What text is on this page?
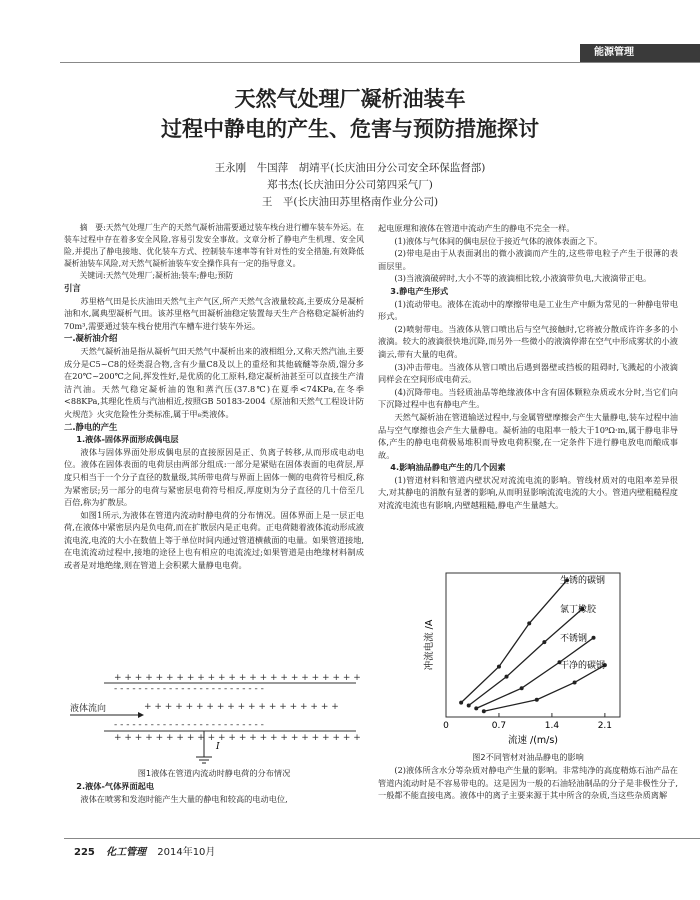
能源管理
天然气处理厂凝析油装车
过程中静电的产生、危害与预防措施探讨
王永刚　牛国萍　胡靖平(长庆油田分公司安全环保监督部)
郑书杰(长庆油田分公司第四采气厂)
王　平(长庆油田苏里格南作业分公司)

摘　要:天然气处理厂生产的天然气凝析油需要通过装车栈台进行槽车装车外运。在装车过程中存在着多安全风险,容易引发安全事故。文章分析了静电产生机理、安全风险,并提出了静电接地、优化装车方式、控制装车速率等有针对性的安全措施,有效降低凝析油装车风险,对天然气凝析油装车安全操作具有一定的指导意义。

关键词:天然气处理厂;凝析油;装车;静电;预防

引言

苏里格气田是长庆油田天然气主产气区,所产天然气含液量较高,主要成分是凝析油和水,属典型凝析气田。该苏里格气田凝析油稳定装置每天生产合格稳定凝析油约70m³,需要通过装车栈台使用汽车槽车进行装车外运。

一.凝析油介绍

天然气凝析油是指从凝析气田天然气中凝析出来的液相组分,又称天然汽油,主要成分是C5~C8的烃类混合物,含有少量C8及以上的重烃和其他硫醚等杂质,馏分多在20℃~200℃之间,挥发性好,是优质的化工原料,稳定凝析油甚至可以直接生产清洁汽油。天然气稳定凝析油的饱和蒸汽压(37.8℃)在夏季<74KPa,在冬季<88KPa,其理化性质与汽油相近,按照GB 50183-2004《原油和天然气工程设计防火规范》火灾危险性分类标准,属于甲₈类液体。

二.静电的产生

1.液体-固体界面形成偶电层

液体与固体界面处形成偶电层的直接原因是正、负离子转移,从而形成电动电位。液体在固体表面的电荷层由两部分组成:一部分是紧贴在固体表面的电荷层,厚度只相当于一个分子直径的数量级,其所带电荷与界面上固体一侧的电荷符号相反,称为紧密层;另一部分的电荷与紧密层电荷符号相反,厚度则为分子直径的几十倍至几百倍,称为扩散层。

如图1所示,为液体在管道内流动时静电荷的分布情况。固体界面上是一层正电荷,在液体中紧密层内是负电荷,而在扩散层内是正电荷。正电荷随着液体流动形成液流电流,电流的大小在数值上等于单位时间内通过管道横截面的电量。如果管道接地,在电流流动过程中,接地的途径上也有相应的电流流过;如果管道是由绝缘材料制成或者是对地绝缘,则在管道上会积累大量静电电荷。

+ + + + + + + + + + + + + + + + + + + + + + + +
- - - - - - - - - - - - - - - - - - - - - - - - -
+ + + + + + + + + + + + + + + + + + +
- - - - - - - - - - - - - - - - - - - - - - - - -
+ + + + + + + + + + + + + + + + + + + + + + + +
液体流向
I
图1液体在管道内流动时静电荷的分布情况

2.液体-气体界面起电

液体在喷雾和发泡时能产生大量的静电和较高的电动电位,

起电原理和液体在管道中流动产生的静电不完全一样。

(1)液体与气体间的偶电层位于接近气体的液体表面之下。

(2)带电是由于从表面剥出的微小液滴而产生的,这些带电粒子产生于很薄的表面层里。

(3)当液滴破碎时,大小不等的液滴相比较,小液滴带负电,大液滴带正电。

3.静电产生形式

(1)流动带电。液体在流动中的摩擦带电是工业生产中颇为常见的一种静电带电形式。

(2)喷射带电。当液体从管口喷出后与空气接触时,它将被分散成许许多多的小液滴。较大的液滴很快地沉降,而另外一些微小的液滴停滞在空气中形成雾状的小液滴云,带有大量的电荷。

(3)冲击带电。当液体从管口喷出后遇到器壁或挡板的阻碍时,飞溅起的小液滴同样会在空间形成电荷云。

(4)沉降带电。当轻质油品等绝缘液体中含有固体颗粒杂质或水分时,当它们向下沉降过程中也有静电产生。

天然气凝析油在管道输送过程中,与金属管壁摩擦会产生大量静电,装车过程中油品与空气摩擦也会产生大量静电。凝析油的电阻率一般大于10⁹Ω·m,属于静电非导体,产生的静电电荷极易堆积而导致电荷积聚,在一定条件下进行静电放电而酿成事故。

4.影响油品静电产生的几个因素

(1)管道材料和管道内壁状况对流流电流的影响。管线材质对的电阻率差异很大,对其静电的消散有显著的影响,从而明显影响流流电流的大小。管道内壁粗糙程度对流流电流也有影响,内壁越粗糙,静电产生量越大。

0	0.7	1.4	2.1
流速 /(m/s)
冲流电流 /A
生锈的碳钢
氯丁橡胶
不锈钢
干净的碳钢
图2不同管材对油品静电的影响

(2)液体所含水分等杂质对静电产生量的影响。非常纯净的高度精炼石油产品在管道内流动时是不容易带电的。这是因为一般的石油轻油制品的分子是非极性分子,一般都不能直接电离。液体中的离子主要来源于其中所含的杂质,当这些杂质离解

225 化工管理 2014年10月
